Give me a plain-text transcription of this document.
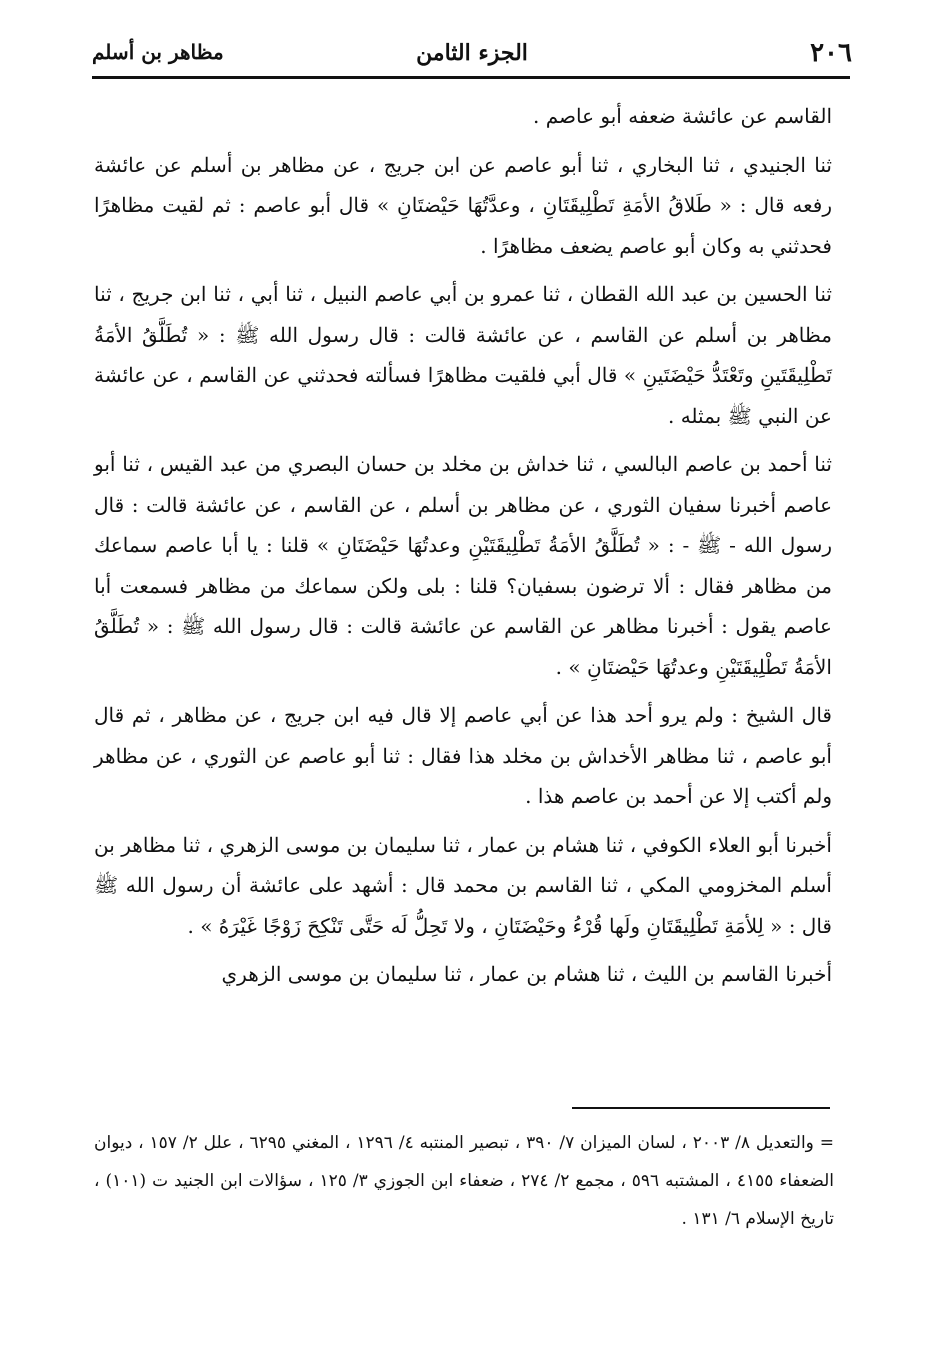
٢٠٦
الجزء الثامن
مظاهر بن أسلم

القاسم عن عائشة ضعفه أبو عاصم .

ثنا الجنيدي ، ثنا البخاري ، ثنا أبو عاصم عن ابن جريج ، عن مظاهر بن أسلم عن عائشة رفعه قال : « طَلاقُ الأمَةِ تَطْلِيقَتَانِ ، وعدَّتُهَا حَيْضتَانِ » قال أبو عاصم : ثم لقيت مظاهرًا فحدثني به وكان أبو عاصم يضعف مظاهرًا .

ثنا الحسين بن عبد الله القطان ، ثنا عمرو بن أبي عاصم النبيل ، ثنا أبي ، ثنا ابن جريج ، ثنا مظاهر بن أسلم عن القاسم ، عن عائشة قالت : قال رسول الله ﷺ : « تُطَلَّقُ الأمَةُ تَطْلِيقَتَينِ وتَعْتَدُّ حَيْضَتَينِ » قال أبي فلقيت مظاهرًا فسألته فحدثني عن القاسم ، عن عائشة عن النبي ﷺ بمثله .

ثنا أحمد بن عاصم البالسي ، ثنا خداش بن مخلد بن حسان البصري من عبد القيس ، ثنا أبو عاصم أخبرنا سفيان الثوري ، عن مظاهر بن أسلم ، عن القاسم ، عن عائشة قالت : قال رسول الله - ﷺ - : « تُطَلَّقُ الأمَةُ تَطْلِيقَتَيْنِ وعدتُهَا حَيْضَتَانِ » قلنا : يا أبا عاصم سماعك من مظاهر فقال : ألا ترضون بسفيان؟ قلنا : بلى ولكن سماعك من مظاهر فسمعت أبا عاصم يقول : أخبرنا مظاهر عن القاسم عن عائشة قالت : قال رسول الله ﷺ : « تُطَلَّقُ الأمَةُ تَطْلِيقَتَيْنِ وعدتُهَا حَيْضتَانِ » .

قال الشيخ : ولم يرو أحد هذا عن أبي عاصم إلا قال فيه ابن جريج ، عن مظاهر ، ثم قال أبو عاصم ، ثنا مظاهر الأخداش بن مخلد هذا فقال : ثنا أبو عاصم عن الثوري ، عن مظاهر ولم أكتب إلا عن أحمد بن عاصم هذا .

أخبرنا أبو العلاء الكوفي ، ثنا هشام بن عمار ، ثنا سليمان بن موسى الزهري ، ثنا مظاهر بن أسلم المخزومي المكي ، ثنا القاسم بن محمد قال : أشهد على عائشة أن رسول الله ﷺ قال : « لِلأمَةِ تَطْلِيقَتَانِ ولَها قُرْءُ وحَيْضَتَانِ ، ولا تَحِلُّ لَه حَتَّى تَنْكِحَ زَوْجًا غَيْرَهُ » .

أخبرنا القاسم بن الليث ، ثنا هشام بن عمار ، ثنا سليمان بن موسى الزهري

= والتعديل ٨/ ٢٠٠٣ ، لسان الميزان ٧/ ٣٩٠ ، تبصير المنتبه ٤/ ١٢٩٦ ، المغني ٦٢٩٥ ، علل ٢/ ١٥٧ ، ديوان الضعفاء ٤١٥٥ ، المشتبه ٥٩٦ ، مجمع ٢/ ٢٧٤ ، ضعفاء ابن الجوزي ٣/ ١٢٥ ، سؤالات ابن الجنيد ت (١٠١) ، تاريخ الإسلام ٦/ ١٣١ .
